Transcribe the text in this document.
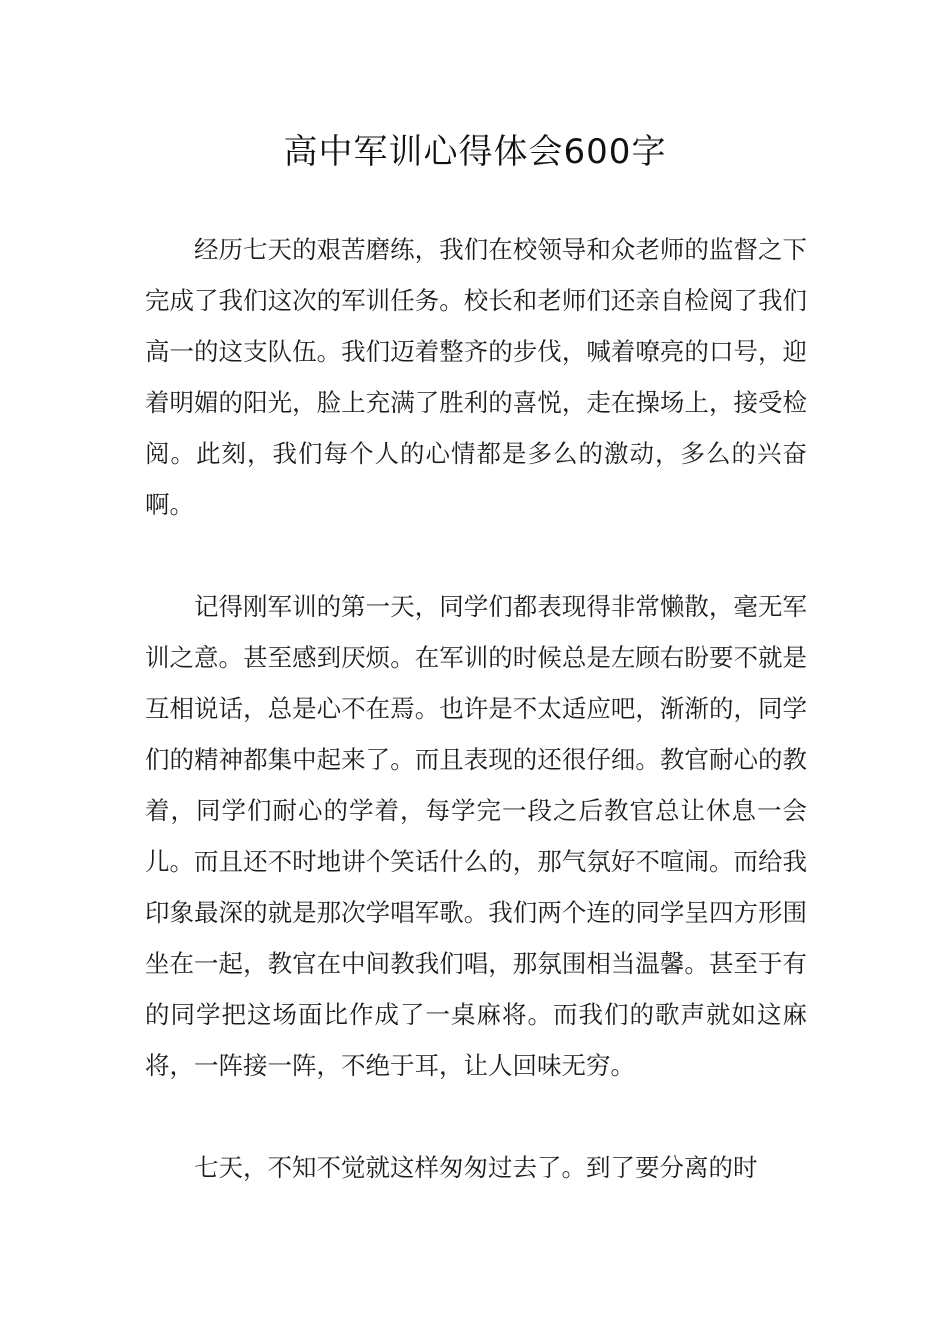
高中军训心得体会600字

经历七天的艰苦磨练，我们在校领导和众老师的监督之下完成了我们这次的军训任务。校长和老师们还亲自检阅了我们高一的这支队伍。我们迈着整齐的步伐，喊着嘹亮的口号，迎着明媚的阳光，脸上充满了胜利的喜悦，走在操场上，接受检阅。此刻，我们每个人的心情都是多么的激动，多么的兴奋啊。

记得刚军训的第一天，同学们都表现得非常懒散，毫无军训之意。甚至感到厌烦。在军训的时候总是左顾右盼要不就是互相说话，总是心不在焉。也许是不太适应吧，渐渐的，同学们的精神都集中起来了。而且表现的还很仔细。教官耐心的教着，同学们耐心的学着，每学完一段之后教官总让休息一会儿。而且还不时地讲个笑话什么的，那气氛好不喧闹。而给我印象最深的就是那次学唱军歌。我们两个连的同学呈四方形围坐在一起，教官在中间教我们唱，那氛围相当温馨。甚至于有的同学把这场面比作成了一桌麻将。而我们的歌声就如这麻将，一阵接一阵，不绝于耳，让人回味无穷。

七天，不知不觉就这样匆匆过去了。到了要分离的时
